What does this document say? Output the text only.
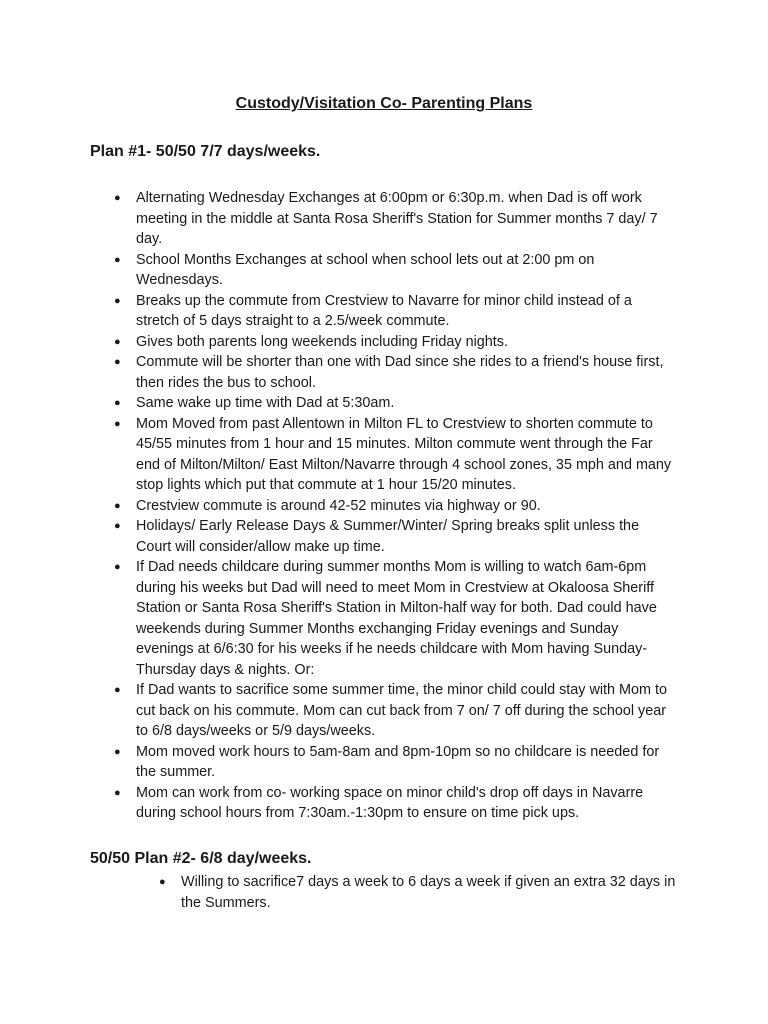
Custody/Visitation Co- Parenting Plans
Plan #1- 50/50 7/7 days/weeks.
● Alternating Wednesday Exchanges at 6:00pm or 6:30p.m. when Dad is off work meeting in the middle at Santa Rosa Sheriff's Station for Summer months 7 day/ 7 day.
● School Months Exchanges at school when school lets out at 2:00 pm on Wednesdays.
● Breaks up the commute from Crestview to Navarre for minor child instead of a stretch of 5 days straight to a 2.5/week commute.
● Gives both parents long weekends including Friday nights.
● Commute will be shorter than one with Dad since she rides to a friend's house first, then rides the bus to school.
● Same wake up time with Dad at 5:30am.
● Mom Moved from past Allentown in Milton FL to Crestview to shorten commute to 45/55 minutes from 1 hour and 15 minutes. Milton commute went through the Far end of Milton/Milton/ East Milton/Navarre through 4 school zones, 35 mph and many stop lights which put that commute at 1 hour 15/20 minutes.
● Crestview commute is around 42-52 minutes via highway or 90.
● Holidays/ Early Release Days & Summer/Winter/ Spring breaks split unless the Court will consider/allow make up time.
● If Dad needs childcare during summer months Mom is willing to watch 6am-6pm during his weeks but Dad will need to meet Mom in Crestview at Okaloosa Sheriff Station or Santa Rosa Sheriff's Station in Milton-half way for both. Dad could have weekends during Summer Months exchanging Friday evenings and Sunday evenings at 6/6:30 for his weeks if he needs childcare with Mom having Sunday-Thursday days & nights. Or:
● If Dad wants to sacrifice some summer time, the minor child could stay with Mom to cut back on his commute. Mom can cut back from 7 on/ 7 off during the school year to 6/8 days/weeks or 5/9 days/weeks.
● Mom moved work hours to 5am-8am and 8pm-10pm so no childcare is needed for the summer.
● Mom can work from co- working space on minor child's drop off days in Navarre during school hours from 7:30am.-1:30pm to ensure on time pick ups.
50/50 Plan #2- 6/8 day/weeks.
● Willing to sacrifice7 days a week to 6 days a week if given an extra 32 days in the Summers.
